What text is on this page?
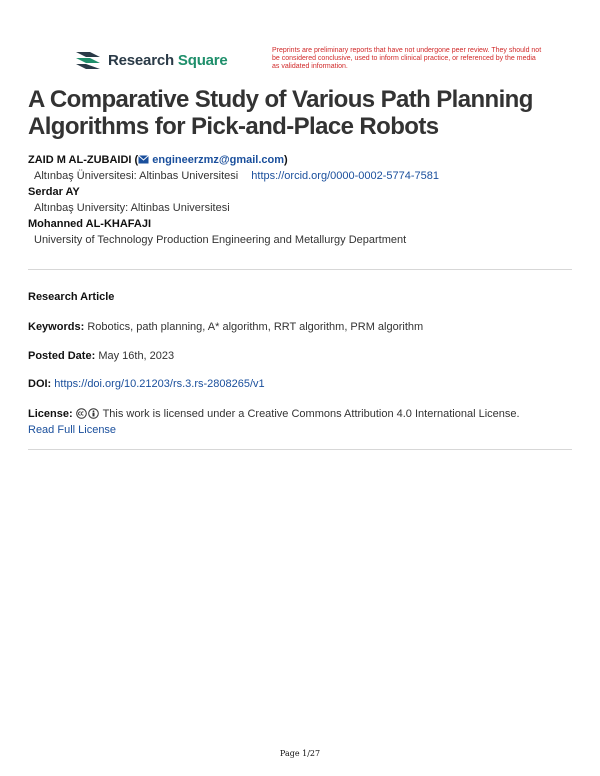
Research Square
Preprints are preliminary reports that have not undergone peer review. They should not be considered conclusive, used to inform clinical practice, or referenced by the media as validated information.
A Comparative Study of Various Path Planning Algorithms for Pick-and-Place Robots
ZAID M AL-ZUBAIDI ( engineerzmz@gmail.com)
Altınbaş Üniversitesi: Altinbas Universitesi https://orcid.org/0000-0002-5774-7581
Serdar AY
Altınbaş University: Altinbas Universitesi
Mohanned AL-KHAFAJI
University of Technology Production Engineering and Metallurgy Department
Research Article
Keywords: Robotics, path planning, A* algorithm, RRT algorithm, PRM algorithm
Posted Date: May 16th, 2023
DOI: https://doi.org/10.21203/rs.3.rs-2808265/v1
License:	This work is licensed under a Creative Commons Attribution 4.0 International License.
Read Full License
Page 1/27
